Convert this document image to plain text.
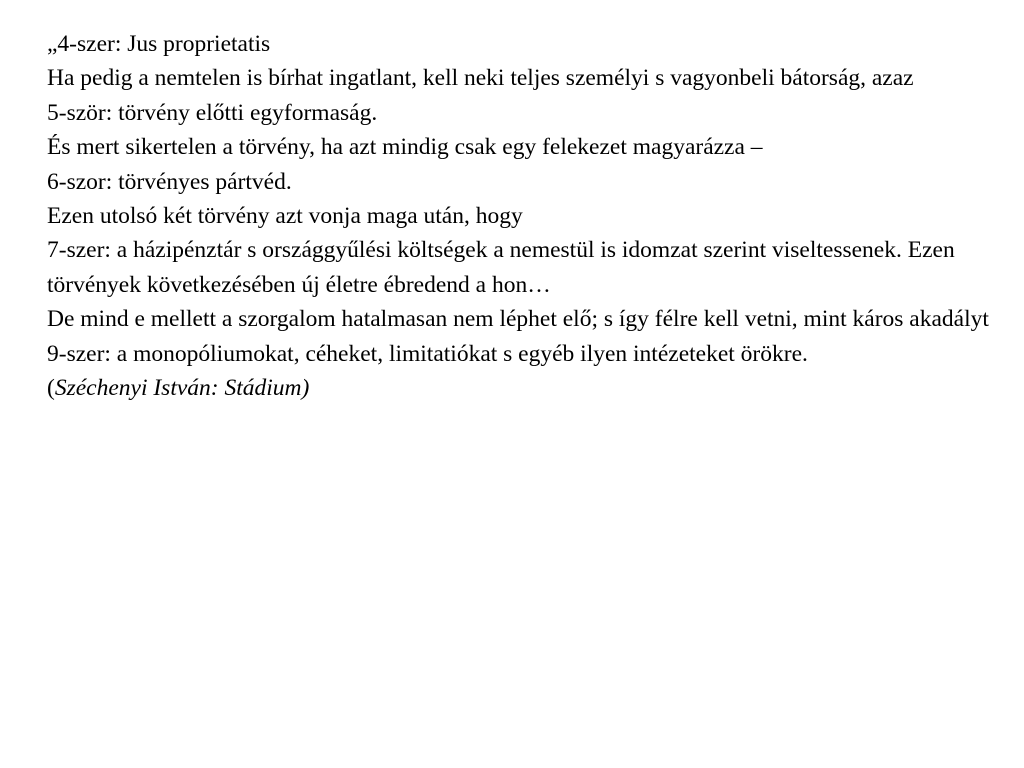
„4-szer: Jus proprietatis

Ha pedig a nemtelen is bírhat ingatlant, kell neki teljes személyi s vagyonbeli bátorság, azaz

5-ször: törvény előtti egyformaság.

És mert sikertelen a törvény, ha azt mindig csak egy felekezet magyarázza –

6-szor: törvényes pártvéd.

Ezen utolsó két törvény azt vonja maga után, hogy

7-szer: a házipénztár s országgyűlési költségek a nemestül is idomzat szerint viseltessenek. Ezen törvények következésében új életre ébredend a hon…

De mind e mellett a szorgalom hatalmasan nem léphet elő; s így félre kell vetni, mint káros akadályt

9-szer: a monopóliumokat, céheket, limitatiókat s egyéb ilyen intézeteket örökre.

(Széchenyi István: Stádium)
